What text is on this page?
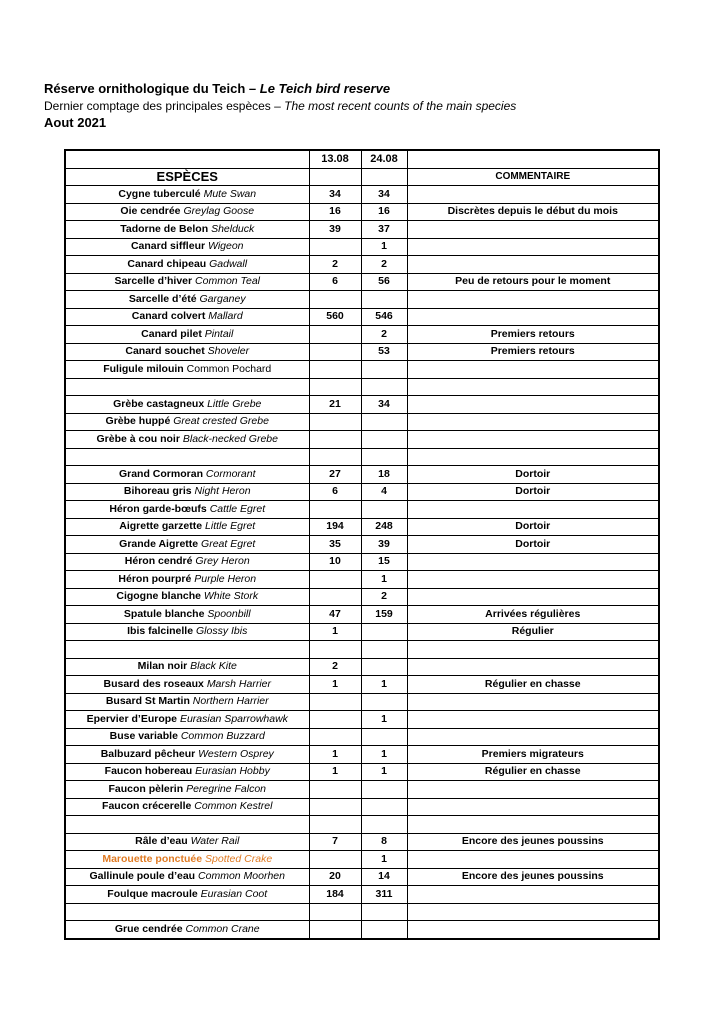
Réserve ornithologique du Teich – Le Teich bird reserve
Dernier comptage des principales espèces – The most recent counts of the main species
Aout 2021
	13.08	24.08	
ESPÈCES			COMMENTAIRE
Cygne tuberculé Mute Swan	34	34	
Oie cendrée Greylag Goose	16	16	Discrètes depuis le début du mois
Tadorne de Belon Shelduck	39	37	
Canard siffleur Wigeon		1	
Canard chipeau Gadwall	2	2	
Sarcelle d’hiver Common Teal	6	56	Peu de retours pour le moment
Sarcelle d’été Garganey			
Canard colvert Mallard	560	546	
Canard pilet Pintail		2	Premiers retours
Canard souchet Shoveler		53	Premiers retours
Fuligule milouin Common Pochard			

Grèbe castagneux Little Grebe	21	34	
Grèbe huppé Great crested Grebe			
Grèbe à cou noir Black-necked Grebe			

Grand Cormoran Cormorant	27	18	Dortoir
Bihoreau gris Night Heron	6	4	Dortoir
Héron garde-bœufs Cattle Egret			
Aigrette garzette Little Egret	194	248	Dortoir
Grande Aigrette Great Egret	35	39	Dortoir
Héron cendré Grey Heron	10	15	
Héron pourpré Purple Heron		1	
Cigogne blanche White Stork		2	
Spatule blanche Spoonbill	47	159	Arrivées régulières
Ibis falcinelle Glossy Ibis	1		Régulier

Milan noir Black Kite	2		
Busard des roseaux Marsh Harrier	1	1	Régulier en chasse
Busard St Martin Northern Harrier			
Epervier d’Europe Eurasian Sparrowhawk		1	
Buse variable Common Buzzard			
Balbuzard pêcheur Western Osprey	1	1	Premiers migrateurs
Faucon hobereau Eurasian Hobby	1	1	Régulier en chasse
Faucon pèlerin Peregrine Falcon			
Faucon crécerelle Common Kestrel			

Râle d’eau Water Rail	7	8	Encore des jeunes poussins
Marouette ponctuée Spotted Crake		1	
Gallinule poule d’eau Common Moorhen	20	14	Encore des jeunes poussins
Foulque macroule Eurasian Coot	184	311	

Grue cendrée Common Crane			
